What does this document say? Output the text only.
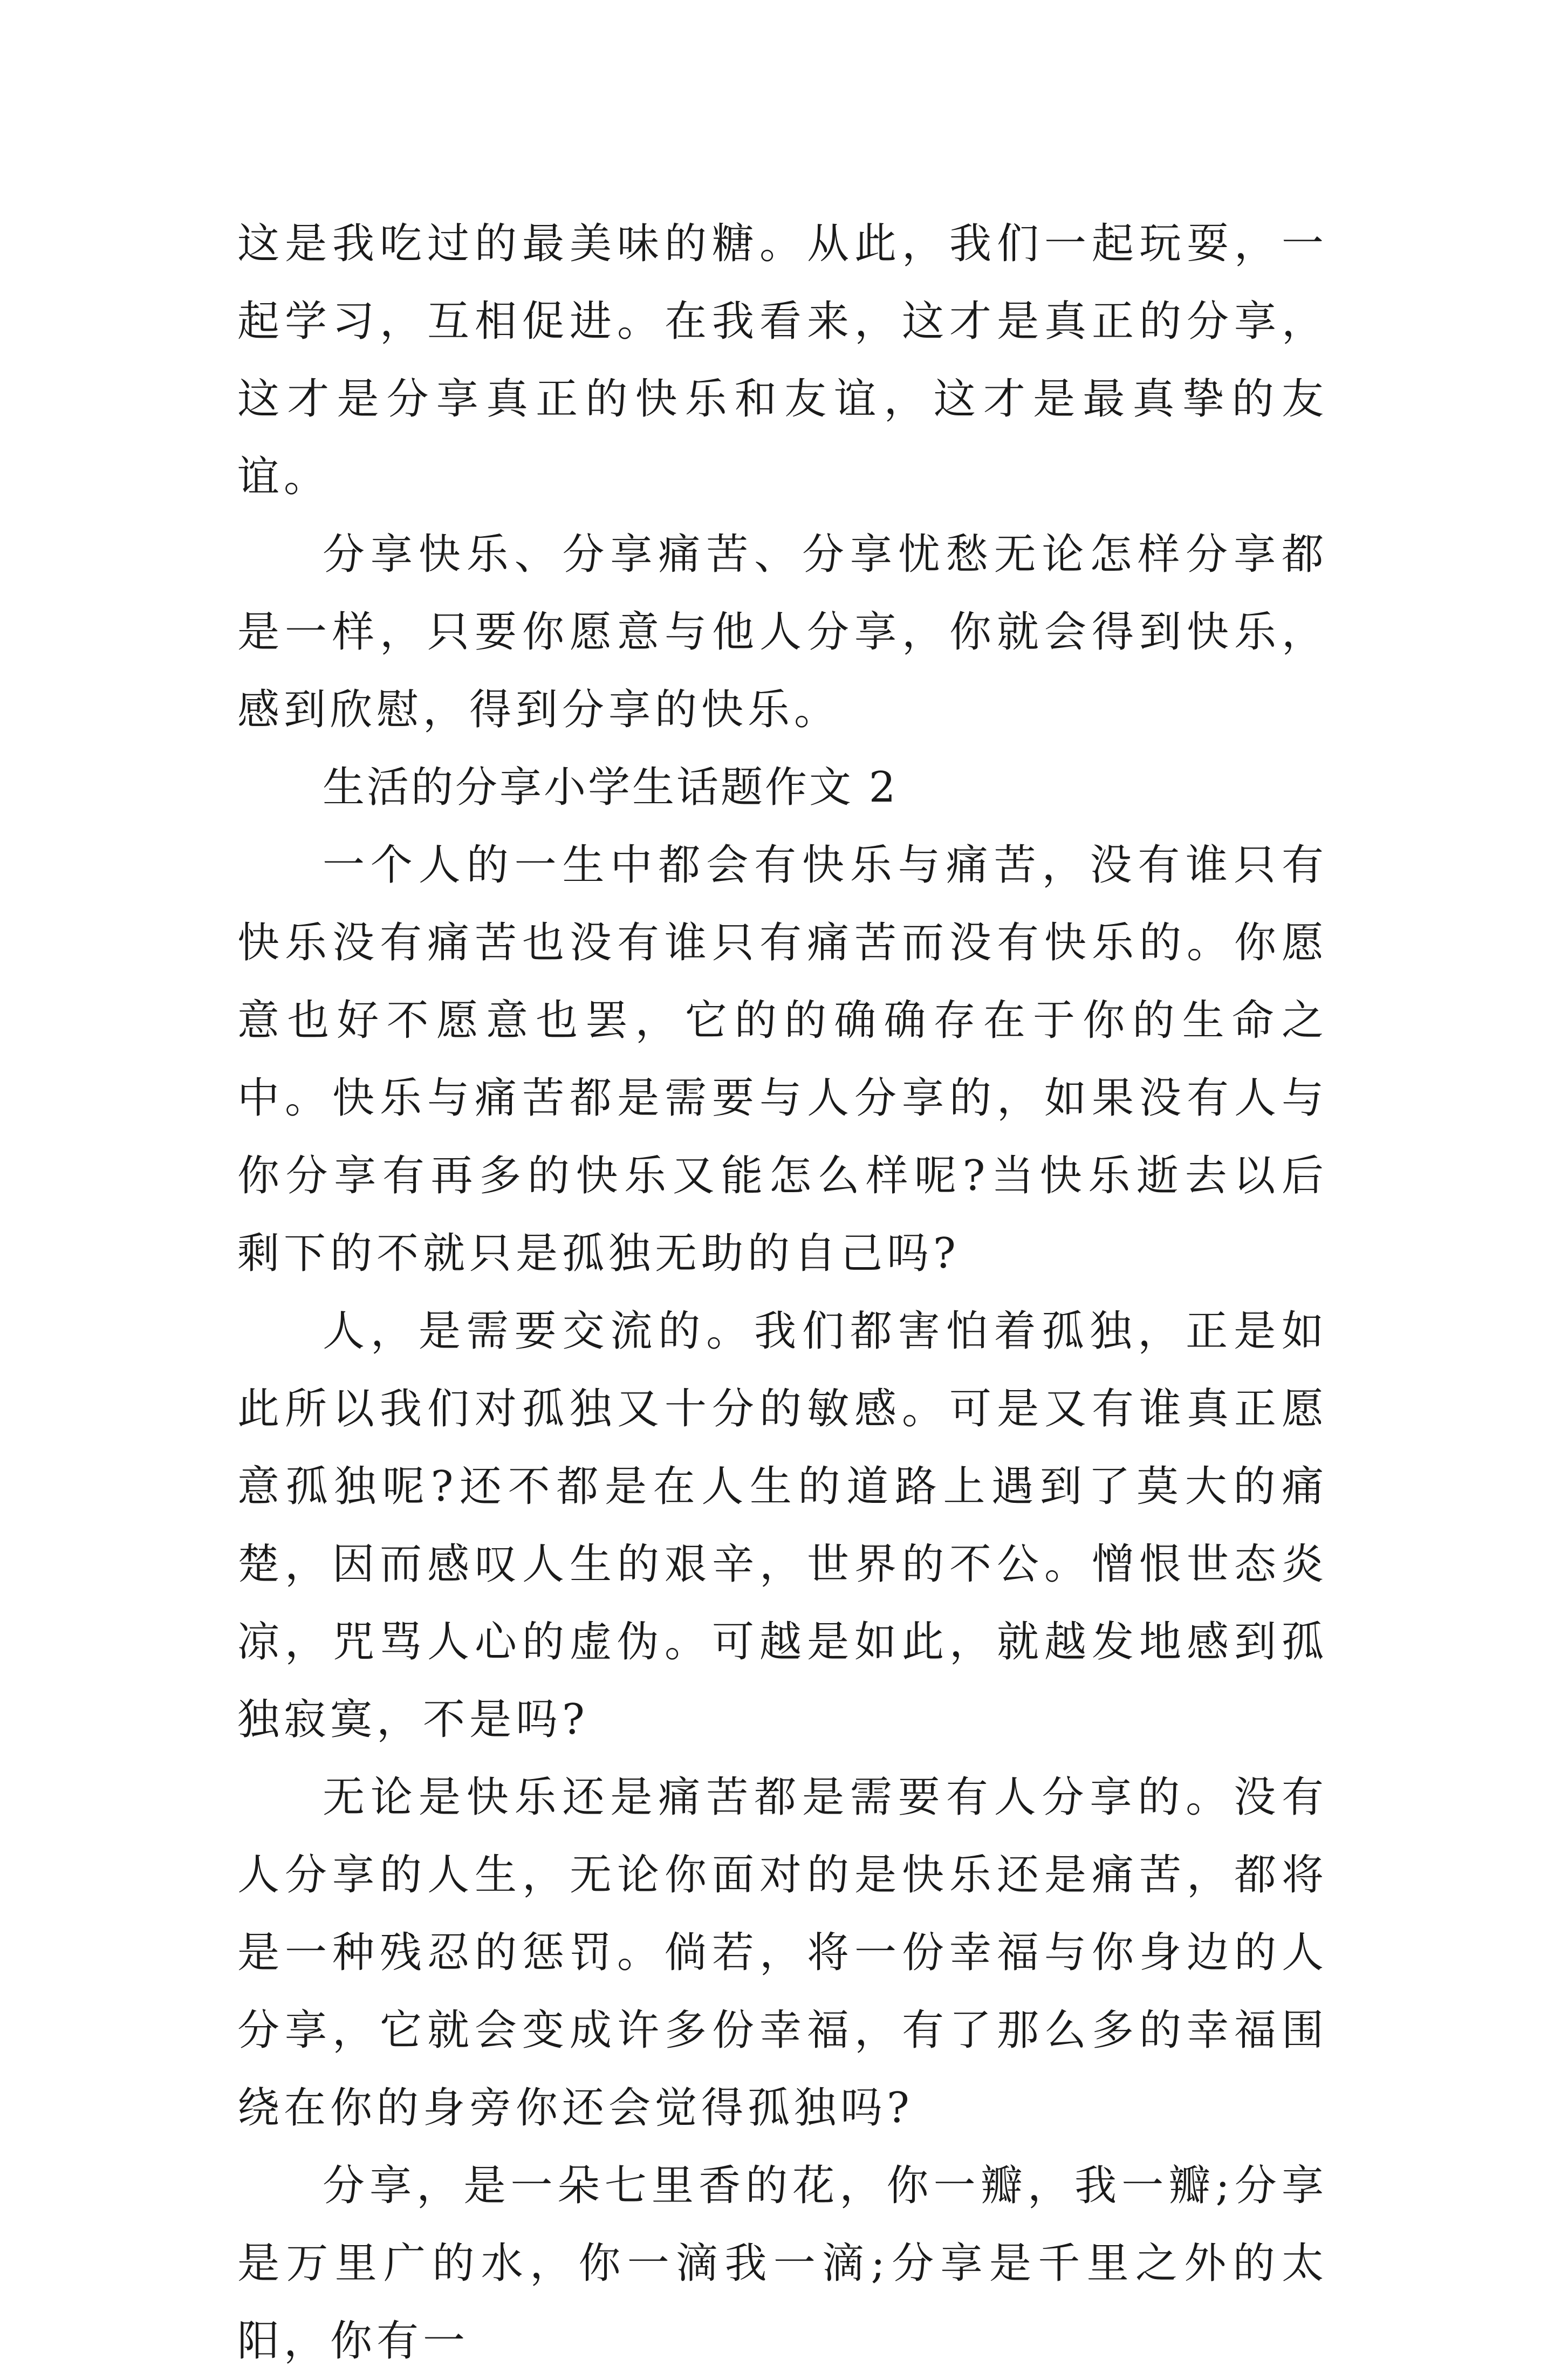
这是我吃过的最美味的糖。从此，我们一起玩耍，一起学习，互相促进。在我看来，这才是真正的分享，这才是分享真正的快乐和友谊，这才是最真挚的友谊。

分享快乐、分享痛苦、分享忧愁无论怎样分享都是一样，只要你愿意与他人分享，你就会得到快乐，感到欣慰，得到分享的快乐。

生活的分享小学生话题作文 2

一个人的一生中都会有快乐与痛苦，没有谁只有快乐没有痛苦也没有谁只有痛苦而没有快乐的。你愿意也好不愿意也罢，它的的确确存在于你的生命之中。快乐与痛苦都是需要与人分享的，如果没有人与你分享有再多的快乐又能怎么样呢?当快乐逝去以后剩下的不就只是孤独无助的自己吗?

人，是需要交流的。我们都害怕着孤独，正是如此所以我们对孤独又十分的敏感。可是又有谁真正愿意孤独呢?还不都是在人生的道路上遇到了莫大的痛楚，因而感叹人生的艰辛，世界的不公。憎恨世态炎凉，咒骂人心的虚伪。可越是如此，就越发地感到孤独寂寞，不是吗?

无论是快乐还是痛苦都是需要有人分享的。没有人分享的人生，无论你面对的是快乐还是痛苦，都将是一种残忍的惩罚。倘若，将一份幸福与你身边的人分享，它就会变成许多份幸福，有了那么多的幸福围绕在你的身旁你还会觉得孤独吗?

分享，是一朵七里香的花，你一瓣，我一瓣;分享是万里广的水，你一滴我一滴;分享是千里之外的太阳，你有一
